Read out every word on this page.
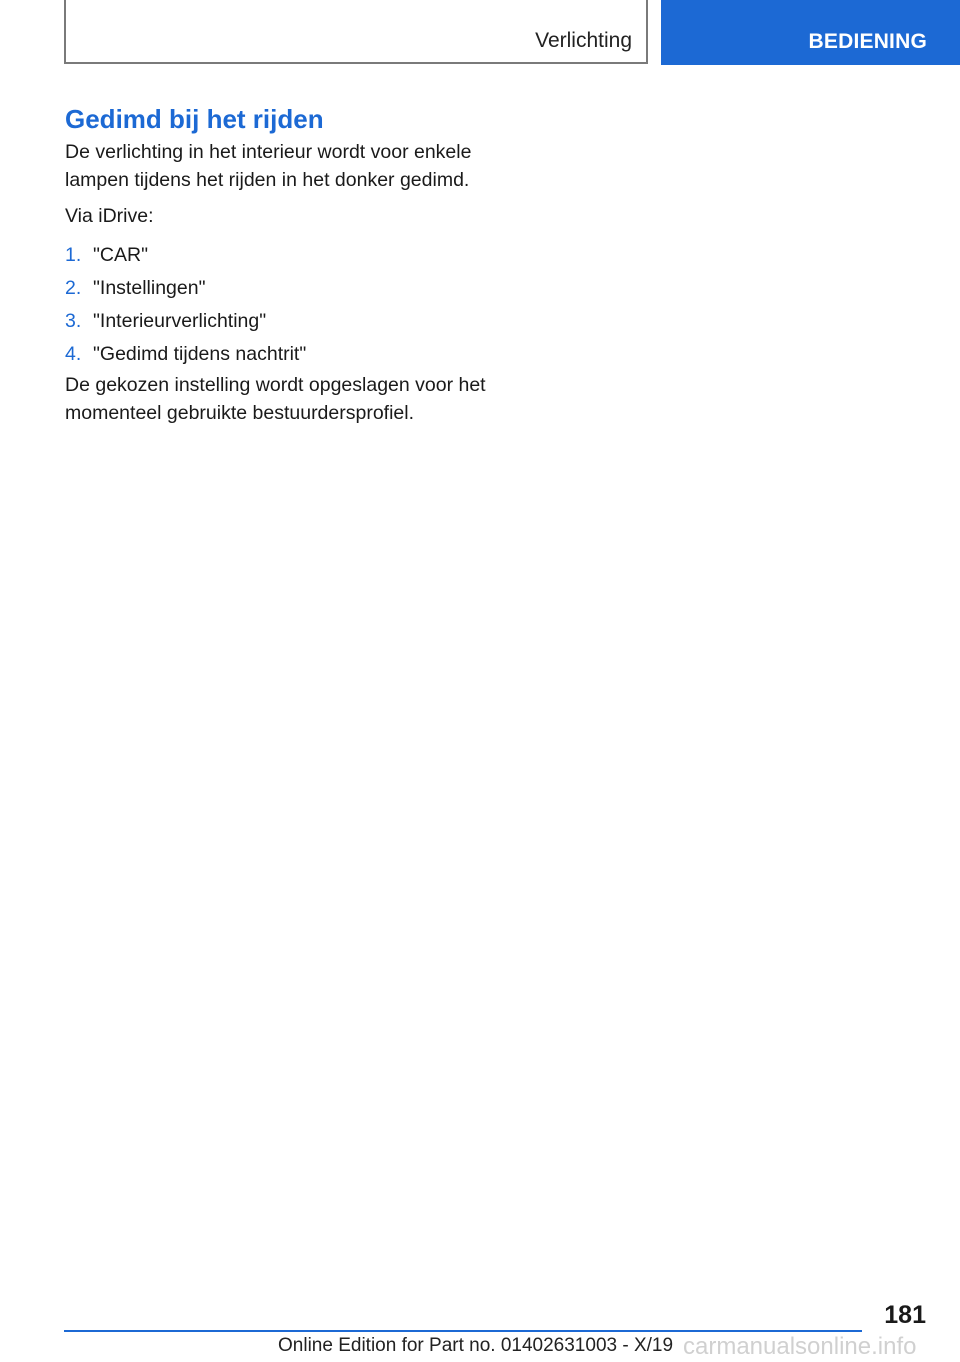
Verlichting	BEDIENING
Gedimd bij het rijden

De verlichting in het interieur wordt voor enkele lampen tijdens het rijden in het donker gedimd.

Via iDrive:

1. "CAR"
2. "Instellingen"
3. "Interieurverlichting"
4. "Gedimd tijdens nachtrit"

De gekozen instelling wordt opgeslagen voor het momenteel gebruikte bestuurdersprofiel.

181
Online Edition for Part no. 01402631003 - X/19 carmanualsonline.info
